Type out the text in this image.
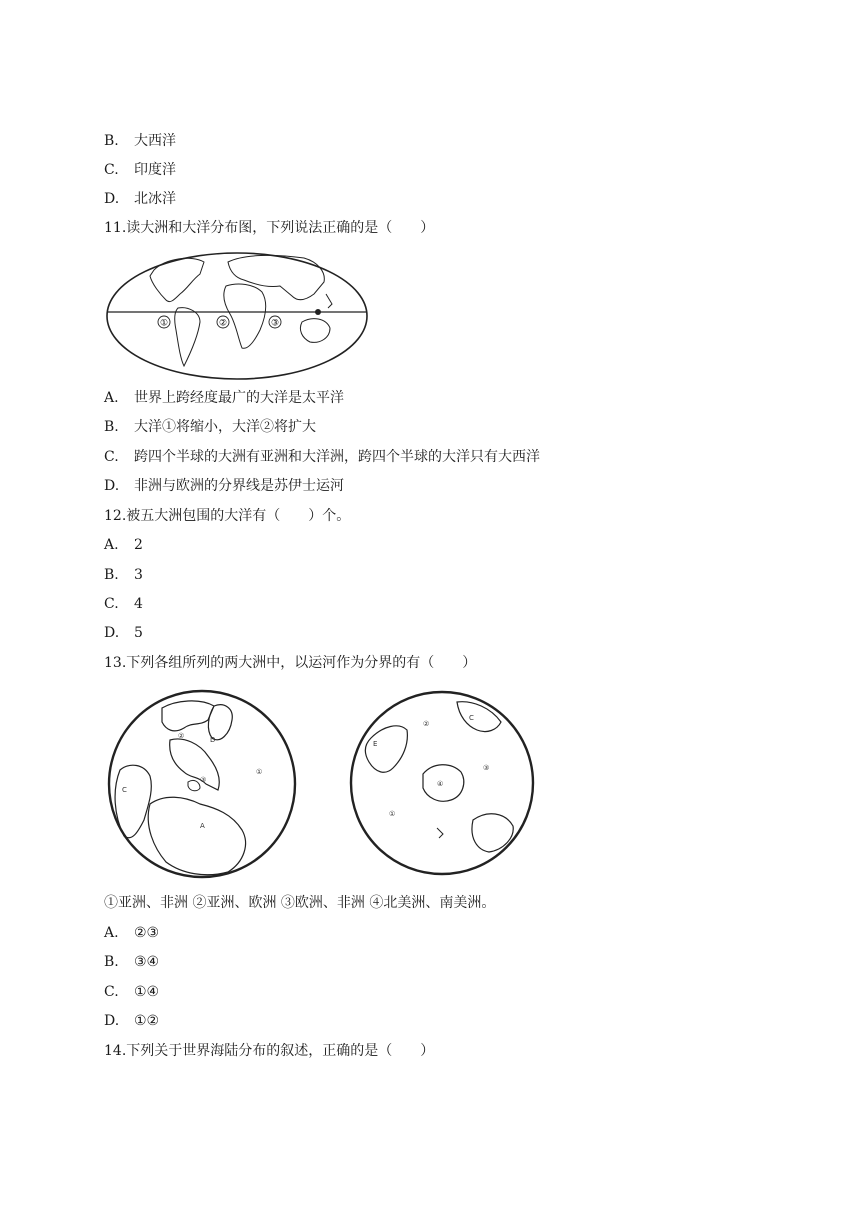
B. 大西洋
C. 印度洋
D. 北冰洋
11.读大洲和大洋分布图，下列说法正确的是（　　）
①	②	③
A. 世界上跨经度最广的大洋是太平洋
B. 大洋①将缩小，大洋②将扩大
C. 跨四个半球的大洲有亚洲和大洋洲，跨四个半球的大洋只有大西洋
D. 非洲与欧洲的分界线是苏伊士运河
12.被五大洲包围的大洋有（　　）个。
A. 2
B. 3
C. 4
D. 5
13.下列各组所列的两大洲中，以运河作为分界的有（　　）
②	D
①
C
③
A
②
C
E
③
④
①
①亚洲、非洲 ②亚洲、欧洲 ③欧洲、非洲 ④北美洲、南美洲。
A. ②③
B. ③④
C. ①④
D. ①②
14.下列关于世界海陆分布的叙述，正确的是（　　）
